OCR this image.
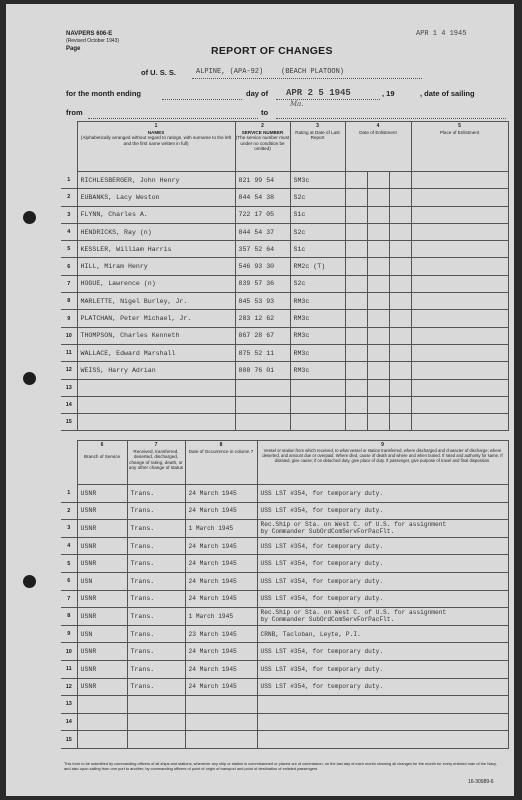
NAVPERS 606-E
(Revised October 1943)
Page
APR 1 4 1945
REPORT OF CHANGES
of U. S. S.	ALPINE, (APA-92)	(BEACH PLATOON)
for the month ending	day of APR 2 5 1945	, 19	, date of sailing
from	to
Ma.

	1
NAMES
(Alphabetically arranged without regard to ratings, with surname to the left and the first name written in full)	2
SERVICE NUMBER
(The service number must under no condition be omitted)	3
Rating at Date of Last Report	4
Date of Enlistment			5
Place of Enlistment
1	RICHLESBERGER, John Henry	821 99 54	SM3c				
2	EUBANKS, Lacy Weston	844 54 38	S2c				
3	FLYNN, Charles A.	722 17 05	S1c				
4	HENDRICKS, Ray (n)	844 54 37	S2c				
5	KESSLER, William Harris	357 52 64	S1c				
6	HILL, Miram Henry	546 93 30	RM2c (T)				
7	HOGUE, Lawrence (n)	839 57 36	S2c				
8	MARLETTE, Nigel Burley, Jr.	845 53 93	RM3c				
9	PLATCHAN, Peter Michael, Jr.	283 12 62	RM3c				
10	THOMPSON, Charles Kenneth	867 28 67	RM3c				
11	WALLACE, Edward Marshall	875 52 11	RM3c				
12	WEISS, Harry Adrian	808 76 01	RM3c				
13							
14							
15							

	6

Branch of Service	7
Received, transferred, deserted, discharged, change of rating, death, or any other change of status	8
Date of Occurrence in column 7	9
Vessel or station from which received, to what vessel or station transferred, where discharged and character of discharge; where deserted, and amount due or overpaid. Where died, cause of death and where and when buried. If rated and authority for same. If disrated, give cause; if on detached duty, give place of duty. If passenger, give purpose of travel and final disposition.
1	USNR	Trans.	24 March 1945	USS LST #354, for temporary duty.

2	USNR	Trans.	24 March 1945	USS LST #354, for temporary duty.

3	USNR	Trans.	1 March 1945	Rec.Ship or Sta. on West C. of U.S. for assignment
by Commander SubOrdComServForPacFlt.

4	USNR	Trans.	24 March 1945	USS LST #354, for temporary duty.

5	USNR	Trans.	24 March 1945	USS LST #354, for temporary duty.

6	USN	Trans.	24 March 1945	USS LST #354, for temporary duty.

7	USNR	Trans.	24 March 1945	USS LST #354, for temporary duty.

8	USNR	Trans.	1 March 1945	Rec.Ship or Sta. on West C. of U.S. for assignment
by Commander SubOrdComServForPacFlt.

9	USN	Trans.	23 March 1945	CRNB, Tacloban, Leyte, P.I.

10	USNR	Trans.	24 March 1945	USS LST #354, for temporary duty.

11	USNR	Trans.	24 March 1945	USS LST #354, for temporary duty.

12	USNR	Trans.	24 March 1945	USS LST #354, for temporary duty.

13				

14				

15				
This form to be submitted by commanding officers of all ships and stations, whenever any ship or station is commissioned or placed out of commission, on the last day of each month showing all changes for the month for every enlisted man of the Navy, and also upon sailing from one port to another, by commanding officers of point of origin of transport and point of destination of enlisted passengers.
16-30989-6
